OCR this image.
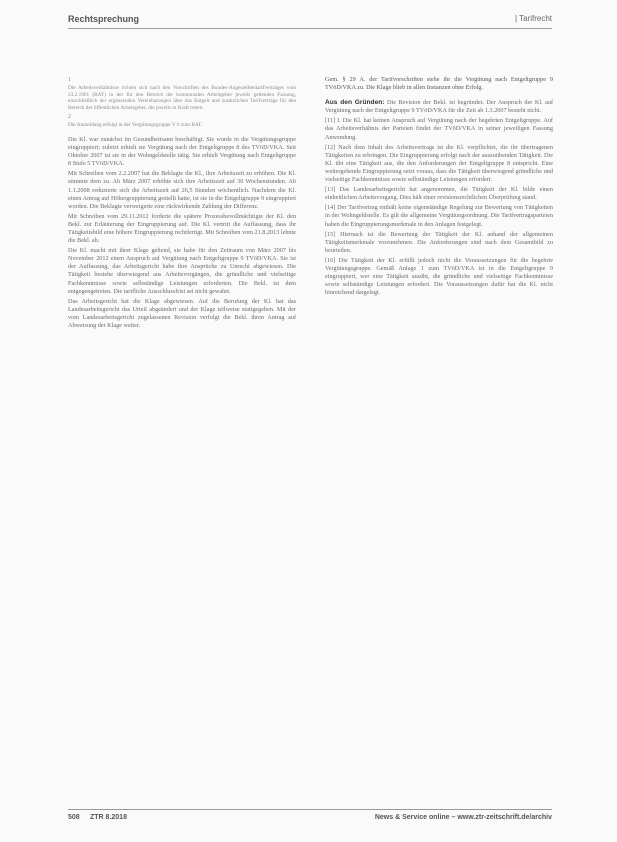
Rechtsprechung	| Tarifrecht
1

Die Arbeitsverhältnisse richten sich nach den Vorschriften des Bundes-Angestelltentarifvertrages vom 23.2.1961 (BAT) in der für den Bereich der kommunalen Arbeitgeber jeweils geltenden Fassung, einschließlich der ergänzenden Vereinbarungen über das Entgelt und zusätzlichen Tarifverträge für den Bereich der öffentlichen Arbeitgeber, die jeweils in Kraft treten.

2

Die Anmeldung erfolgt in der Vergütungsgruppe V b zum BAT.

Die Kl. war zunächst im Gesundheitsamt beschäftigt. Sie wurde in die Vergütungsgruppe eingruppiert; zuletzt erhielt sie Vergütung nach der Entgeltgruppe 8 des TVöD/VKA. Seit Oktober 2007 ist sie in der Wohngeldstelle tätig. Sie erhielt Vergütung nach Entgeltgruppe 8 Stufe 5 TVöD/VKA.

Mit Schreiben vom 2.2.2007 bat die Beklagte die Kl., ihre Arbeitszeit zu erhöhen. Die Kl. stimmte dem zu. Ab März 2007 erhöhte sich ihre Arbeitszeit auf 30 Wochenstunden. Ab 1.1.2008 reduzierte sich die Arbeitszeit auf 26,5 Stunden wöchentlich. Nachdem die Kl. einen Antrag auf Höhergruppierung gestellt hatte, ist sie in die Entgeltgruppe 9 eingruppiert worden. Die Beklagte verweigerte eine rückwirkende Zahlung der Differenz.

Mit Schreiben vom 29.11.2012 forderte die spätere Prozessbevollmächtigte der Kl. den Bekl. zur Erläuterung der Eingruppierung auf. Die Kl. vertritt die Auffassung, dass ihr Tätigkeitsbild eine höhere Eingruppierung rechtfertigt. Mit Schreiben vom 21.8.2013 lehnte die Bekl. ab.

Die Kl. macht mit ihrer Klage geltend, sie habe für den Zeitraum von März 2007 bis November 2012 einen Anspruch auf Vergütung nach Entgeltgruppe 9 TVöD/VKA. Sie ist der Auffassung, das Arbeitsgericht habe ihre Ansprüche zu Unrecht abgewiesen. Die Tätigkeit bestehe überwiegend aus Arbeitsvorgängen, die gründliche und vielseitige Fachkenntnisse sowie selbständige Leistungen erforderten. Die Bekl. ist dem entgegengetreten. Die tarifliche Ausschlussfrist sei nicht gewahrt.

Das Arbeitsgericht hat die Klage abgewiesen. Auf die Berufung der Kl. hat das Landesarbeitsgericht das Urteil abgeändert und der Klage teilweise stattgegeben. Mit der vom Landesarbeitsgericht zugelassenen Revision verfolgt die Bekl. ihren Antrag auf Abweisung der Klage weiter.

Gem. § 29 A. der Tarifvorschriften stehe ihr die Vergütung nach Entgeltgruppe 9 TVöD/VKA zu. Die Klage blieb in allen Instanzen ohne Erfolg.

Aus den Gründen: Die Revision der Bekl. ist begründet. Der Anspruch der Kl. auf Vergütung nach der Entgeltgruppe 9 TVöD/VKA für die Zeit ab 1.3.2007 besteht nicht.

[11] I. Die Kl. hat keinen Anspruch auf Vergütung nach der begehrten Entgeltgruppe. Auf das Arbeitsverhältnis der Parteien findet der TVöD/VKA in seiner jeweiligen Fassung Anwendung.

[12] Nach dem Inhalt des Arbeitsvertrags ist die Kl. verpflichtet, die ihr übertragenen Tätigkeiten zu erbringen. Die Eingruppierung erfolgt nach der auszuübenden Tätigkeit. Die Kl. übt eine Tätigkeit aus, die den Anforderungen der Entgeltgruppe 8 entspricht. Eine weitergehende Eingruppierung setzt voraus, dass die Tätigkeit überwiegend gründliche und vielseitige Fachkenntnisse sowie selbständige Leistungen erfordert.

[13] Das Landesarbeitsgericht hat angenommen, die Tätigkeit der Kl. bilde einen einheitlichen Arbeitsvorgang. Dies hält einer revisionsrechtlichen Überprüfung stand.

[14] Der Tarifvertrag enthält keine eigenständige Regelung zur Bewertung von Tätigkeiten in der Wohngeldstelle. Es gilt die allgemeine Vergütungsordnung. Die Tarifvertragsparteien haben die Eingruppierungsmerkmale in den Anlagen festgelegt.

[15] Hiernach ist die Bewertung der Tätigkeit der Kl. anhand der allgemeinen Tätigkeitsmerkmale vorzunehmen. Die Anforderungen sind nach dem Gesamtbild zu beurteilen.

[16] Die Tätigkeit der Kl. erfüllt jedoch nicht die Voraussetzungen für die begehrte Vergütungsgruppe. Gemäß Anlage 1 zum TVöD/VKA ist in die Entgeltgruppe 9 eingruppiert, wer eine Tätigkeit ausübt, die gründliche und vielseitige Fachkenntnisse sowie selbständige Leistungen erfordert. Die Voraussetzungen dafür hat die Kl. nicht hinreichend dargelegt.

508 ZTR 8.2018	News & Service online – www.ztr-zeitschrift.de/archiv
